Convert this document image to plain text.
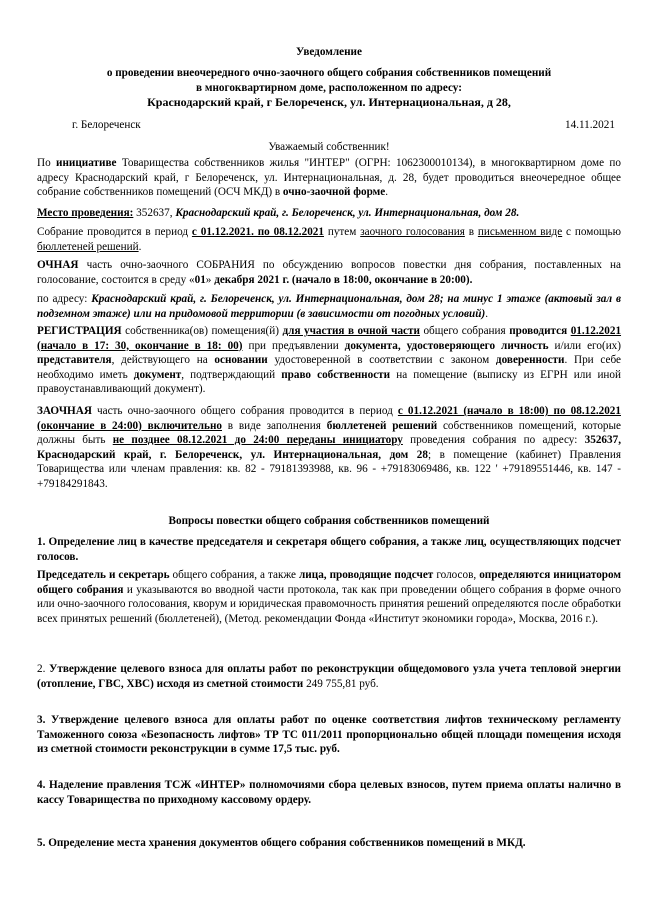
Уведомление
о проведении внеочередного очно-заочного общего собрания собственников помещений
в многоквартирном доме, расположенном по адресу:
Краснодарский край, г Белореченск, ул. Интернациональная, д 28,
г. Белореченск	14.11.2021
Уважаемый собственник!

По инициативе Товарищества собственников жилья "ИНТЕР" (ОГРН: 1062300010134), в многоквартирном доме по адресу Краснодарский край, г Белореченск, ул. Интернациональная, д. 28, будет проводиться внеочередное общее собрание собственников помещений (ОСЧ МКД) в очно-заочной форме.

Место проведения: 352637, Краснодарский край, г. Белореченск, ул. Интернациональная, дом 28.

Собрание проводится в период с 01.12.2021. по 08.12.2021 путем заочного голосования в письменном виде с помощью бюллетеней решений.

ОЧНАЯ часть очно-заочного СОБРАНИЯ по обсуждению вопросов повестки дня собрания, поставленных на голосование, состоится в среду «01» декабря 2021 г. (начало в 18:00, окончание в 20:00).

по адресу: Краснодарский край, г. Белореченск, ул. Интернациональная, дом 28; на минус 1 этаже (актовый зал в подземном этаже) или на придомовой территории (в зависимости от погодных условий).

РЕГИСТРАЦИЯ собственника(ов) помещения(й) для участия в очной части общего собрания проводится 01.12.2021 (начало в 17: 30, окончание в 18: 00) при предъявлении документа, удостоверяющего личность и/или его(их) представителя, действующего на основании удостоверенной в соответствии с законом доверенности. При себе необходимо иметь документ, подтверждающий право собственности на помещение (выписку из ЕГРН или иной правоустанавливающий документ).

ЗАОЧНАЯ часть очно-заочного общего собрания проводится в период с 01.12.2021 (начало в 18:00) по 08.12.2021 (окончание в 24:00) включительно в виде заполнения бюллетеней решений собственников помещений, которые должны быть не позднее 08.12.2021 до 24:00 переданы инициатору проведения собрания по адресу: 352637, Краснодарский край, г. Белореченск, ул. Интернациональная, дом 28; в помещение (кабинет) Правления Товарищества или членам правления: кв. 82 - 79181393988, кв. 96 - +79183069486, кв. 122 ' +79189551446, кв. 147 - +79184291843.

Вопросы повестки общего собрания собственников помещений

1. Определение лиц в качестве председателя и секретаря общего собрания, а также лиц, осуществляющих подсчет голосов.

Председатель и секретарь общего собрания, а также лица, проводящие подсчет голосов, определяются инициатором общего собрания и указываются во вводной части протокола, так как при проведении общего собрания в форме очного или очно-заочного голосования, кворум и юридическая правомочность принятия решений определяются после обработки всех принятых решений (бюллетеней), (Метод. рекомендации Фонда «Институт экономики города», Москва, 2016 г.).

2. Утверждение целевого взноса для оплаты работ по реконструкции общедомового узла учета тепловой энергии (отопление, ГВС, ХВС) исходя из сметной стоимости 249 755,81 руб.

3. Утверждение целевого взноса для оплаты работ по оценке соответствия лифтов техническому регламенту Таможенного союза «Безопасность лифтов» ТР ТС 011/2011 пропорционально общей площади помещения исходя из сметной стоимости реконструкции в сумме 17,5 тыс. руб.

4. Наделение правления ТСЖ «ИНТЕР» полномочиями сбора целевых взносов, путем приема оплаты налично в кассу Товарищества по приходному кассовому ордеру.

5. Определение места хранения документов общего собрания собственников помещений в МКД.
